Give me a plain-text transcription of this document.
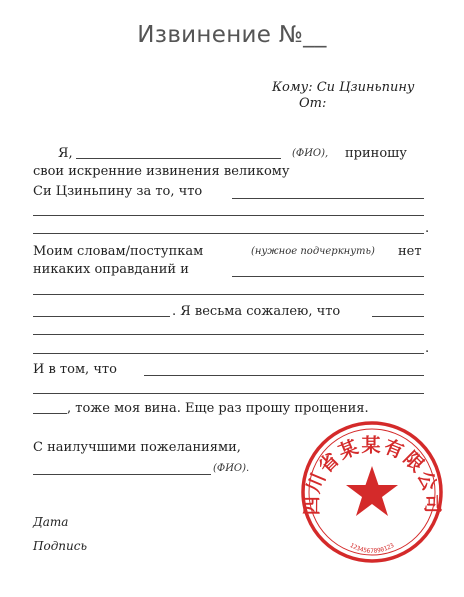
Извинение №__
Кому: Си Цзиньпину
От:
Я,	(ФИО), приношу
свои искренние извинения великому
Си Цзиньпину за то, что
.
Моим словам/поступкам	(нужное подчеркнуть) нет
никаких оправданий и
. Я весьма сожалею, что
.
И в том, что
, тоже моя вина. Еще раз прошу прощения.
С наилучшими пожеланиями,
(ФИО).
Дата
Подпись
四川省某某有限公司
1234567890123
